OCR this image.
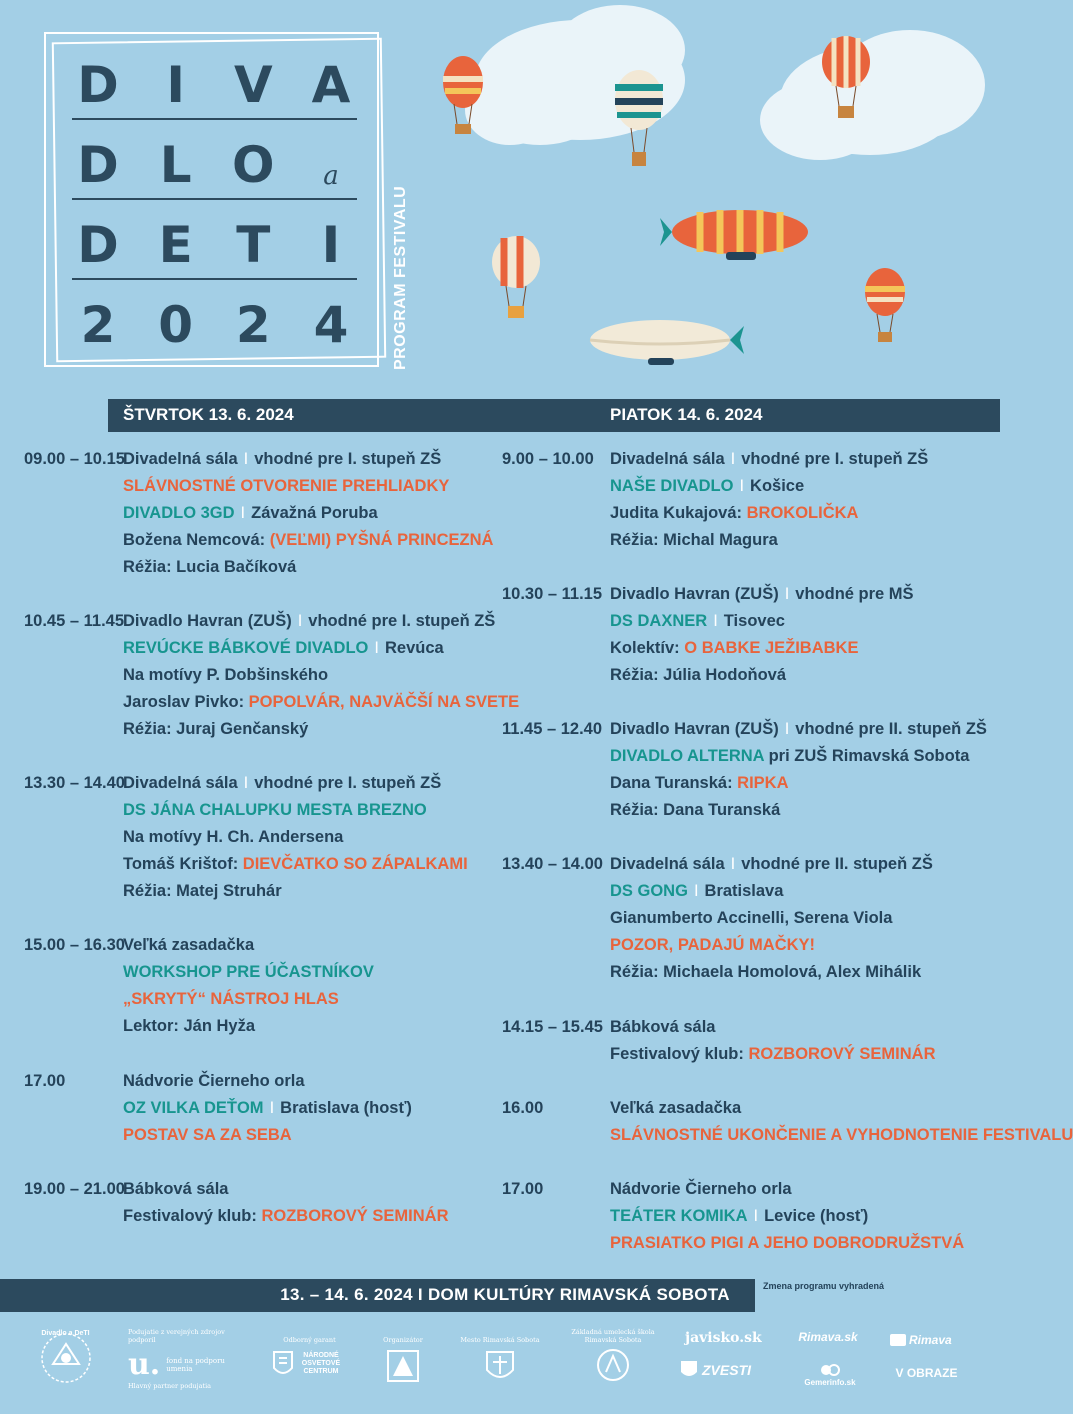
D I V A
D L O	a
D E T	I
2 0 2 4	PROGRAM FESTIVALU
ŠTVRTOK 13. 6. 2024	PIATOK 14. 6. 2024
09.00 – 10.15
Divadelná sála I vhodné pre I. stupeň ZŠ
SLÁVNOSTNÉ OTVORENIE PREHLIADKY
DIVADLO 3GD I Závažná Poruba
Božena Nemcová: (VEĽMI) PYŠNÁ PRINCEZNÁ
Réžia: Lucia Bačíková
10.45 – 11.45
Divadlo Havran (ZUŠ) I vhodné pre I. stupeň ZŠ
REVÚCKE BÁBKOVÉ DIVADLO I Revúca
Na motívy P. Dobšinského
Jaroslav Pivko: POPOLVÁR, NAJVÄČŠÍ NA SVETE
Réžia: Juraj Genčanský
13.30 – 14.40
Divadelná sála I vhodné pre I. stupeň ZŠ
DS JÁNA CHALUPKU MESTA BREZNO
Na motívy H. Ch. Andersena
Tomáš Krištof: DIEVČATKO SO ZÁPALKAMI
Réžia: Matej Struhár
15.00 – 16.30
Veľká zasadačka
WORKSHOP PRE ÚČASTNÍKOV
„SKRYTÝ“ NÁSTROJ HLAS
Lektor: Ján Hyža
17.00	Nádvorie Čierneho orla
OZ VILKA DEŤOM I Bratislava (hosť)
POSTAV SA ZA SEBA
19.00 – 21.00
Bábková sála
Festivalový klub: ROZBOROVÝ SEMINÁR
9.00 – 10.00 Divadelná sála I vhodné pre I. stupeň ZŠ
NAŠE DIVADLO I Košice
Judita Kukajová: BROKOLIČKA
Réžia: Michal Magura
10.30 – 11.15 Divadlo Havran (ZUŠ) I vhodné pre MŠ
DS DAXNER I Tisovec
Kolektív: O BABKE JEŽIBABKE
Réžia: Júlia Hodoňová
11.45 – 12.40 Divadlo Havran (ZUŠ) I vhodné pre II. stupeň ZŠ
DIVADLO ALTERNA pri ZUŠ Rimavská Sobota
Dana Turanská: RIPKA
Réžia: Dana Turanská
13.40 – 14.00 Divadelná sála I vhodné pre II. stupeň ZŠ
DS GONG I Bratislava
Gianumberto Accinelli, Serena Viola
POZOR, PADAJÚ MAČKY!
Réžia: Michaela Homolová, Alex Mihálik
14.15 – 15.45 Bábková sála
Festivalový klub: ROZBOROVÝ SEMINÁR
16.00	Veľká zasadačka
SLÁVNOSTNÉ UKONČENIE A VYHODNOTENIE FESTIVALU
17.00	Nádvorie Čierneho orla
TEÁTER KOMIKA I Levice (hosť)
PRASIATKO PIGI A JEHO DOBRODRUŽSTVÁ
13. – 14. 6. 2024 I DOM KULTÚRY RIMAVSKÁ SOBOTA	Zmena programu vyhradená
Divadlo a DeTI	Podujatie z verejných zdrojov podporil
u. fond na podporu umenia
Hlavný partner podujatia
Odborný garant
NÁRODNÉ OSVETOVÉ CENTRUM
Organizátor	Mesto Rimavská Sobota
Základná umelecká škola Rimavská Sobota	javisko.sk
ZVESTI
Rimava.sk
Gemerinfo.sk
Rimava
V OBRAZE
